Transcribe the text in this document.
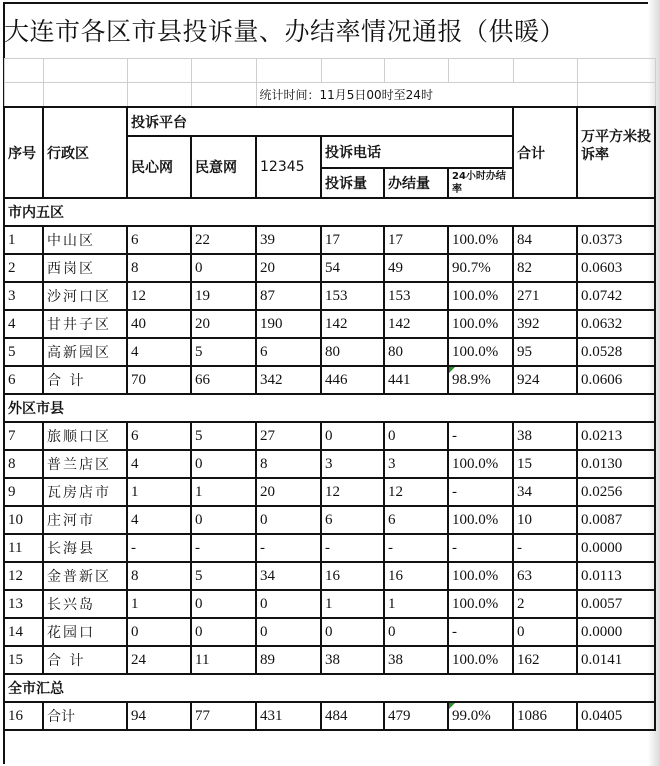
大连市各区市县投诉量、办结率情况通报（供暖）

				统计时间：11月5日00时至24时					
序号	行政区	投诉平台						合计	万平方米投诉率
		民心网	民意网	12345	投诉电话				
					投诉量	办结量	24小时办结率		
市内五区									
1	中山区	6	22	39	17	17	100.0%	84	0.0373
2	西岗区	8	0	20	54	49	90.7%	82	0.0603
3	沙河口区	12	19	87	153	153	100.0%	271	0.0742
4	甘井子区	40	20	190	142	142	100.0%	392	0.0632
5	高新园区	4	5	6	80	80	100.0%	95	0.0528
6	合 计	70	66	342	446	441	98.9%	924	0.0606
外区市县									
7	旅顺口区	6	5	27	0	0	-	38	0.0213
8	普兰店区	4	0	8	3	3	100.0%	15	0.0130
9	瓦房店市	1	1	20	12	12	-	34	0.0256
10	庄河市	4	0	0	6	6	100.0%	10	0.0087
11	长海县	-	-	-	-	-	-	-	0.0000
12	金普新区	8	5	34	16	16	100.0%	63	0.0113
13	长兴岛	1	0	0	1	1	100.0%	2	0.0057
14	花园口	0	0	0	0	0	-	0	0.0000
15	合 计	24	11	89	38	38	100.0%	162	0.0141
全市汇总									
16	合计	94	77	431	484	479	99.0%	1086	0.0405
